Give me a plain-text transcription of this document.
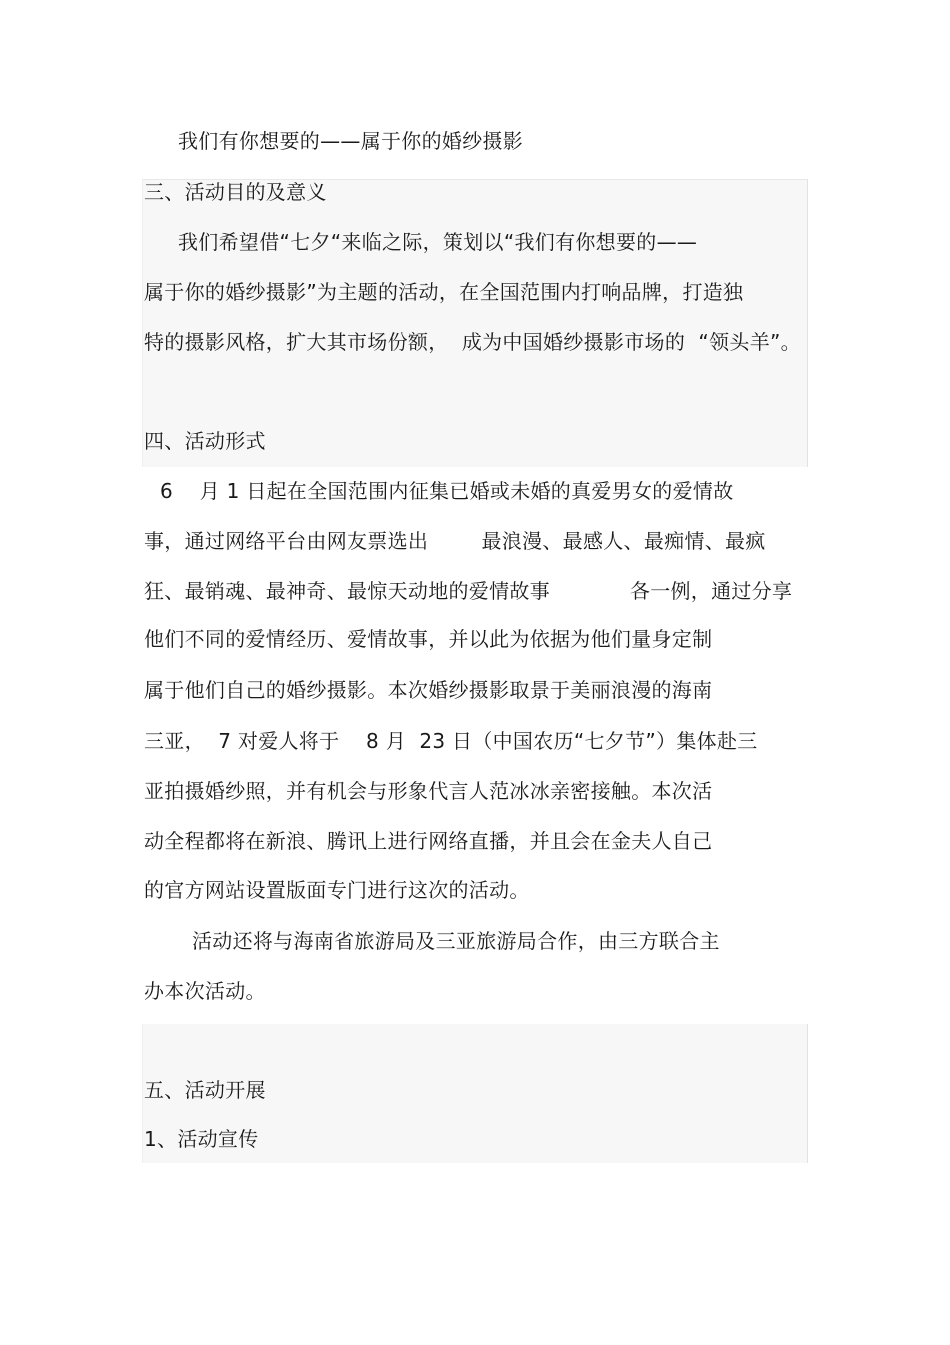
我们有你想要的——属于你的婚纱摄影
三、活动目的及意义
我们希望借“七夕“来临之际，策划以“我们有你想要的——
属于你的婚纱摄影”为主题的活动，在全国范围内打响品牌，打造独
特的摄影风格，扩大其市场份额，  成为中国婚纱摄影市场的  “领头羊”。
四、活动形式
6    月 1 日起在全国范围内征集已婚或未婚的真爱男女的爱情故
事，通过网络平台由网友票选出        最浪漫、最感人、最痴情、最疯
狂、最销魂、最神奇、最惊天动地的爱情故事            各一例，通过分享
他们不同的爱情经历、爱情故事，并以此为依据为他们量身定制
属于他们自己的婚纱摄影。本次婚纱摄影取景于美丽浪漫的海南
三亚，  7 对爱人将于    8 月  23 日（中国农历“七夕节”）集体赴三
亚拍摄婚纱照，并有机会与形象代言人范冰冰亲密接触。本次活
动全程都将在新浪、腾讯上进行网络直播，并且会在金夫人自己
的官方网站设置版面专门进行这次的活动。
活动还将与海南省旅游局及三亚旅游局合作，由三方联合主
办本次活动。
五、活动开展
1、活动宣传
